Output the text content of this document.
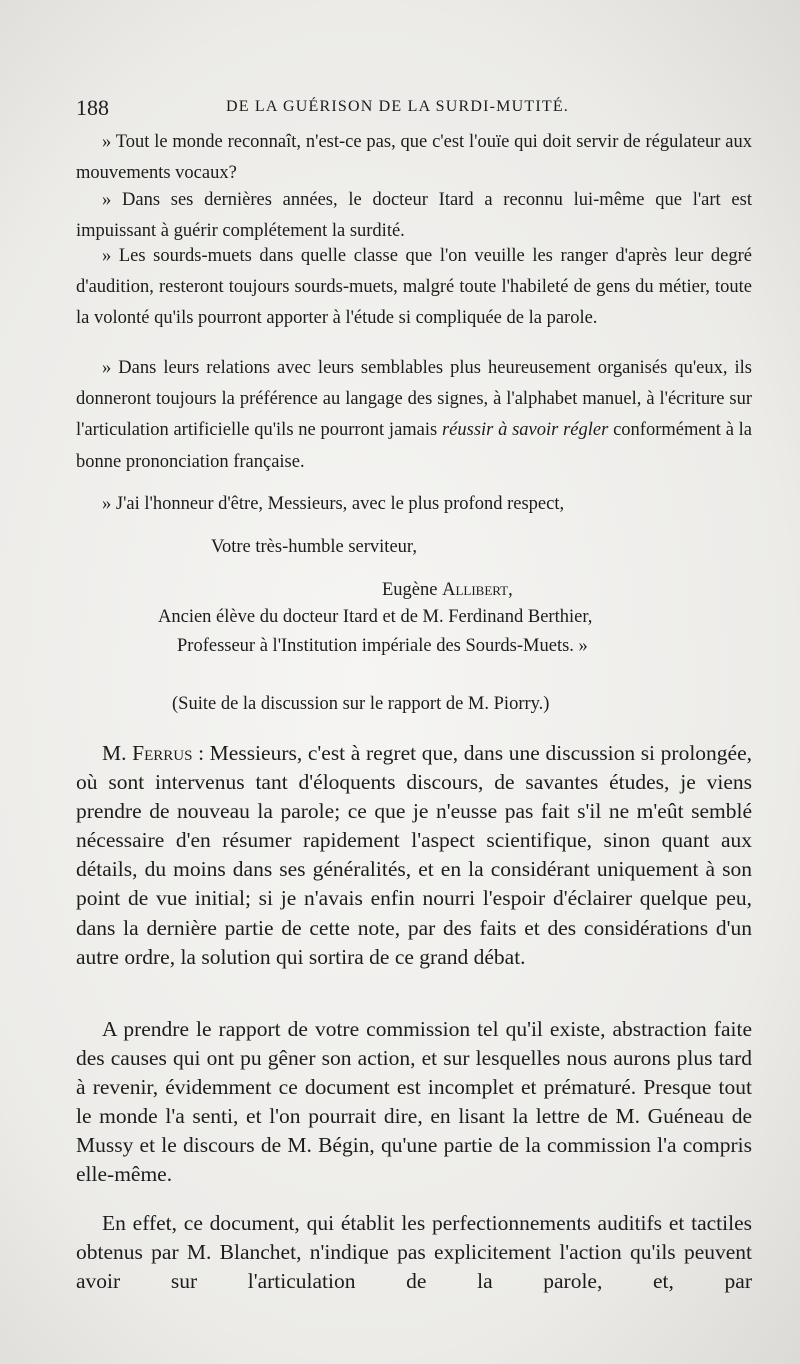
188	DE LA GUÉRISON DE LA SURDI-MUTITÉ.
» Tout le monde reconnaît, n'est-ce pas, que c'est l'ouïe qui doit servir de régulateur aux mouvements vocaux?
» Dans ses dernières années, le docteur Itard a reconnu lui-même que l'art est impuissant à guérir complétement la surdité.
» Les sourds-muets dans quelle classe que l'on veuille les ranger d'après leur degré d'audition, resteront toujours sourds-muets, malgré toute l'habileté de gens du métier, toute la volonté qu'ils pourront apporter à l'étude si compliquée de la parole.
» Dans leurs relations avec leurs semblables plus heureusement organisés qu'eux, ils donneront toujours la préférence au langage des signes, à l'alphabet manuel, à l'écriture sur l'articulation artificielle qu'ils ne pourront jamais réussir à savoir régler conformément à la bonne prononciation française.
» J'ai l'honneur d'être, Messieurs, avec le plus profond respect,
Votre très-humble serviteur,
Eugène Allibert,
Ancien élève du docteur Itard et de M. Ferdinand Berthier,
Professeur à l'Institution impériale des Sourds-Muets. »
(Suite de la discussion sur le rapport de M. Piorry.)
M. Ferrus : Messieurs, c'est à regret que, dans une discussion si prolongée, où sont intervenus tant d'éloquents discours, de savantes études, je viens prendre de nouveau la parole; ce que je n'eusse pas fait s'il ne m'eût semblé nécessaire d'en résumer rapidement l'aspect scientifique, sinon quant aux détails, du moins dans ses généralités, et en la considérant uniquement à son point de vue initial; si je n'avais enfin nourri l'espoir d'éclairer quelque peu, dans la dernière partie de cette note, par des faits et des considérations d'un autre ordre, la solution qui sortira de ce grand débat.
A prendre le rapport de votre commission tel qu'il existe, abstraction faite des causes qui ont pu gêner son action, et sur lesquelles nous aurons plus tard à revenir, évidemment ce document est incomplet et prématuré. Presque tout le monde l'a senti, et l'on pourrait dire, en lisant la lettre de M. Guéneau de Mussy et le discours de M. Bégin, qu'une partie de la commission l'a compris elle-même.
En effet, ce document, qui établit les perfectionnements auditifs et tactiles obtenus par M. Blanchet, n'indique pas explicitement l'action qu'ils peuvent avoir sur l'articulation de la parole, et, par
